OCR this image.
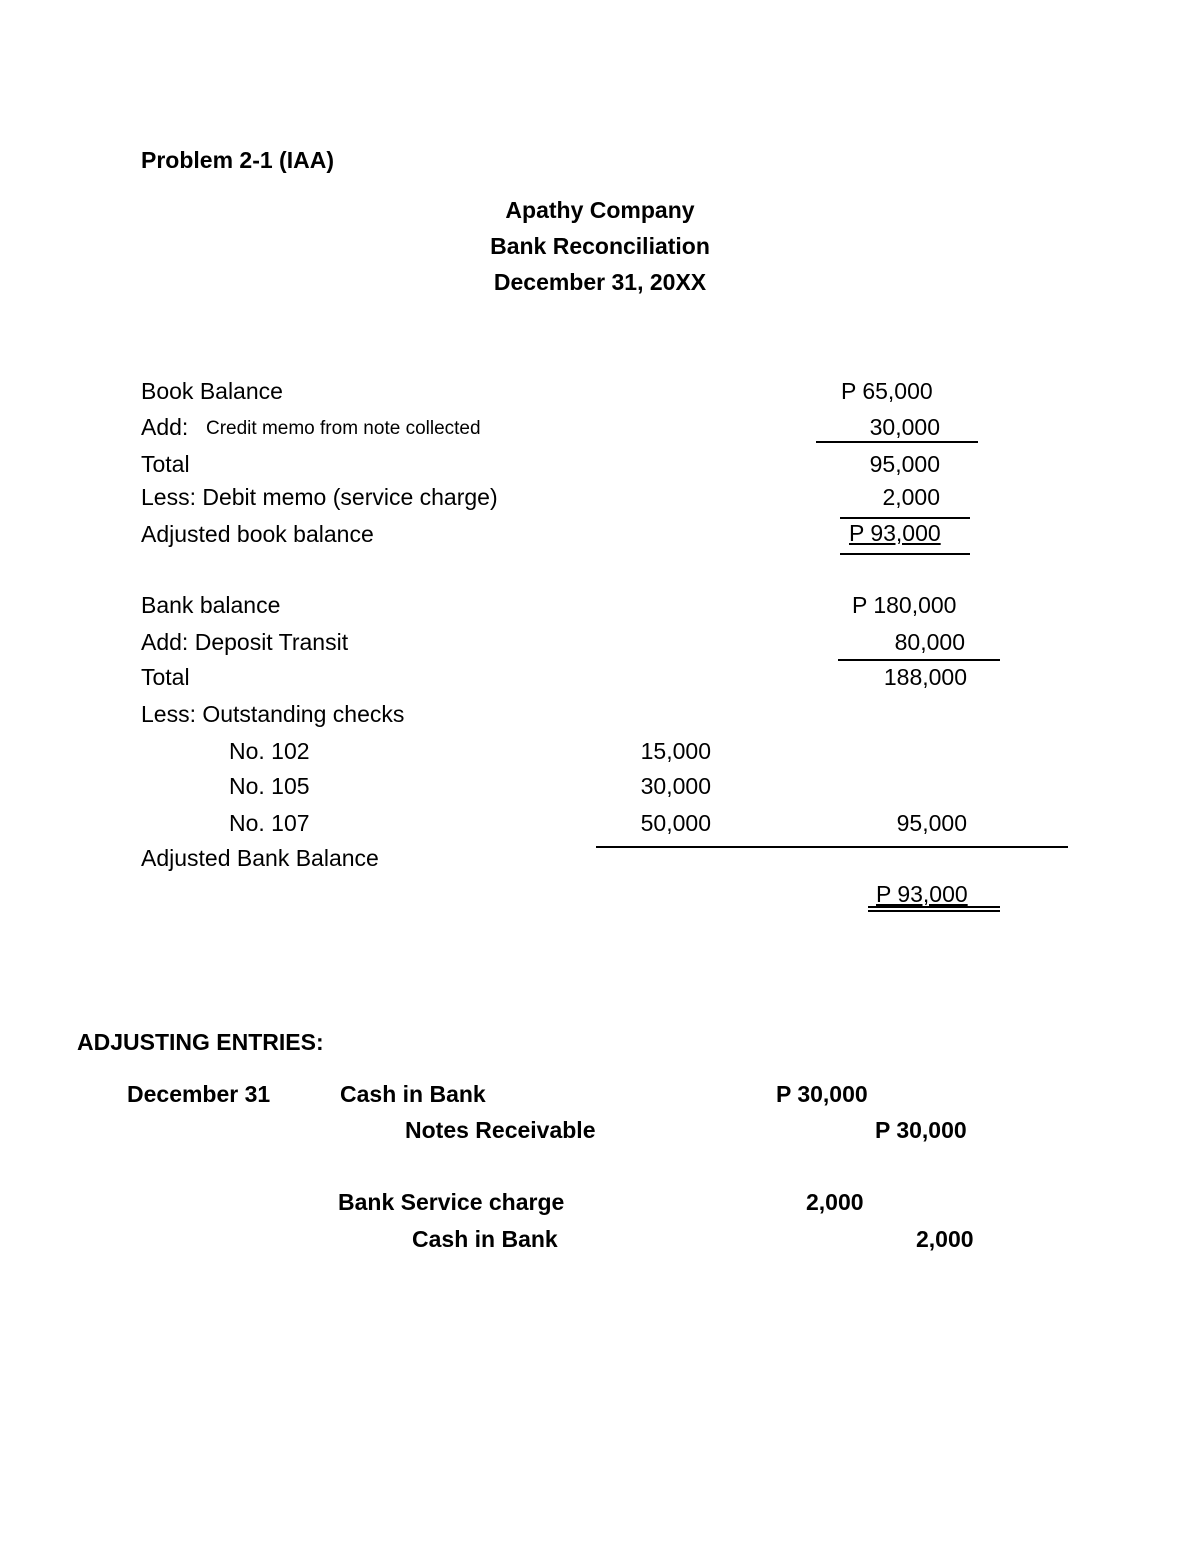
Problem 2-1 (IAA)
Apathy Company
Bank Reconciliation
December 31, 20XX
Book Balance	P 65,000
Add: Credit memo from note collected	30,000
Total	95,000
Less: Debit memo (service charge)	2,000
Adjusted book balance	P 93,000
Bank balance	P 180,000
Add: Deposit Transit	80,000
Total	188,000
Less: Outstanding checks
No. 102	15,000
No. 105	30,000
No. 107	50,000	95,000
Adjusted Bank Balance
P 93,000
ADJUSTING ENTRIES:
December 31	Cash in Bank	P 30,000
Notes Receivable	P 30,000
Bank Service charge	2,000
Cash in Bank	2,000
